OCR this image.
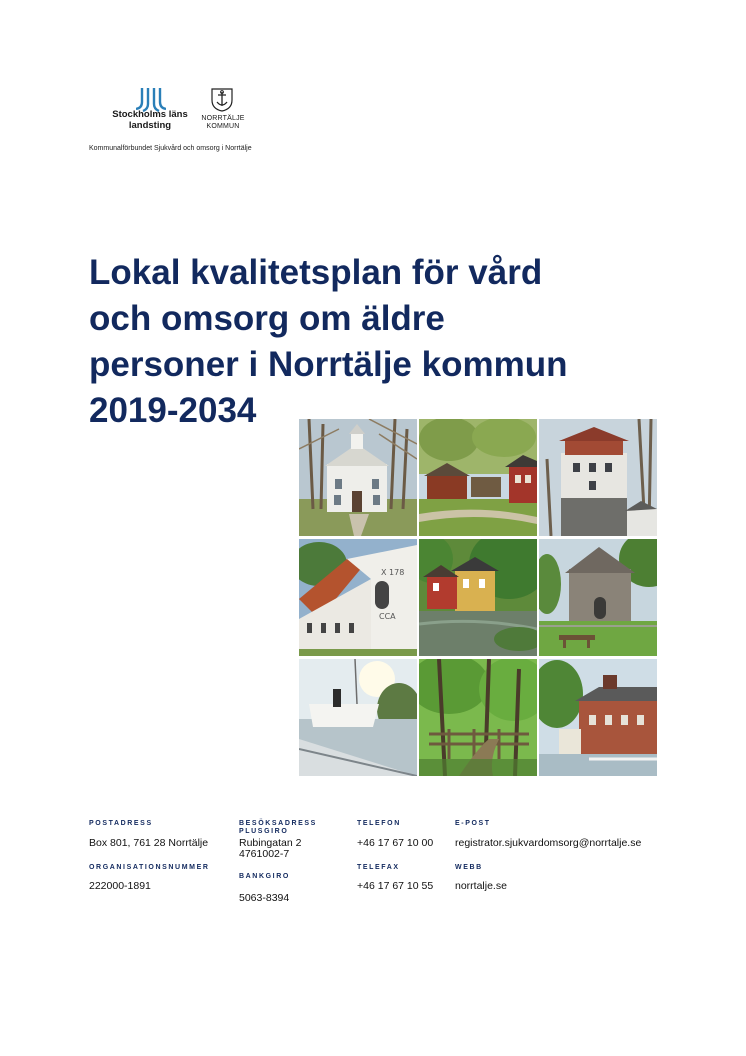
Stockholms läns
landsting
NORRTÄLJE
KOMMUN
Kommunalförbundet Sjukvård och omsorg i Norrtälje
Lokal kvalitetsplan för vård
och omsorg om äldre
personer i Norrtälje kommun
2019-2034
X 178
CCA
POSTADRESS
Box 801, 761 28 Norrtälje
ORGANISATIONSNUMMER
222000-1891
BESÖKSADRESS
PLUSGIRO
Rubingatan 2
4761002-7
BANKGIRO
5063-8394
TELEFON
+46 17 67 10 00
TELEFAX
+46 17 67 10 55
E-POST
registrator.sjukvardomsorg@norrtalje.se
WEBB
norrtalje.se
